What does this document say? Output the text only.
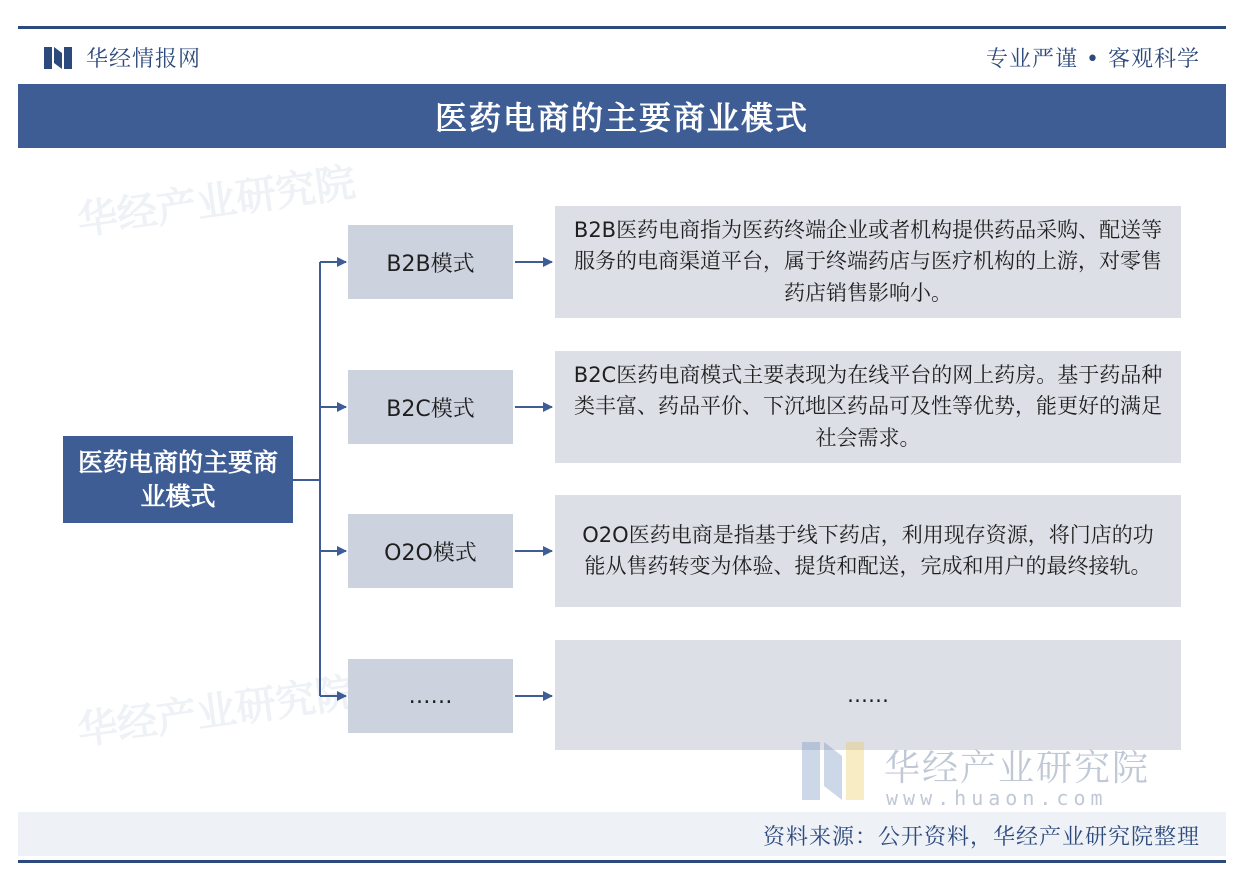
华经情报网	专业严谨 • 客观科学
医药电商的主要商业模式
华经产业研究院
华经产业研究院
医药电商的主要商业模式
B2B模式
B2C模式
O2O模式
……
B2B医药电商指为医药终端企业或者机构提供药品采购、配送等服务的电商渠道平台，属于终端药店与医疗机构的上游，对零售药店销售影响小。
B2C医药电商模式主要表现为在线平台的网上药房。基于药品种类丰富、药品平价、下沉地区药品可及性等优势，能更好的满足社会需求。
O2O医药电商是指基于线下药店，利用现存资源，将门店的功能从售药转变为体验、提货和配送，完成和用户的最终接轨。
……
华经产业研究院
www.huaon.com
资料来源：公开资料，华经产业研究院整理
